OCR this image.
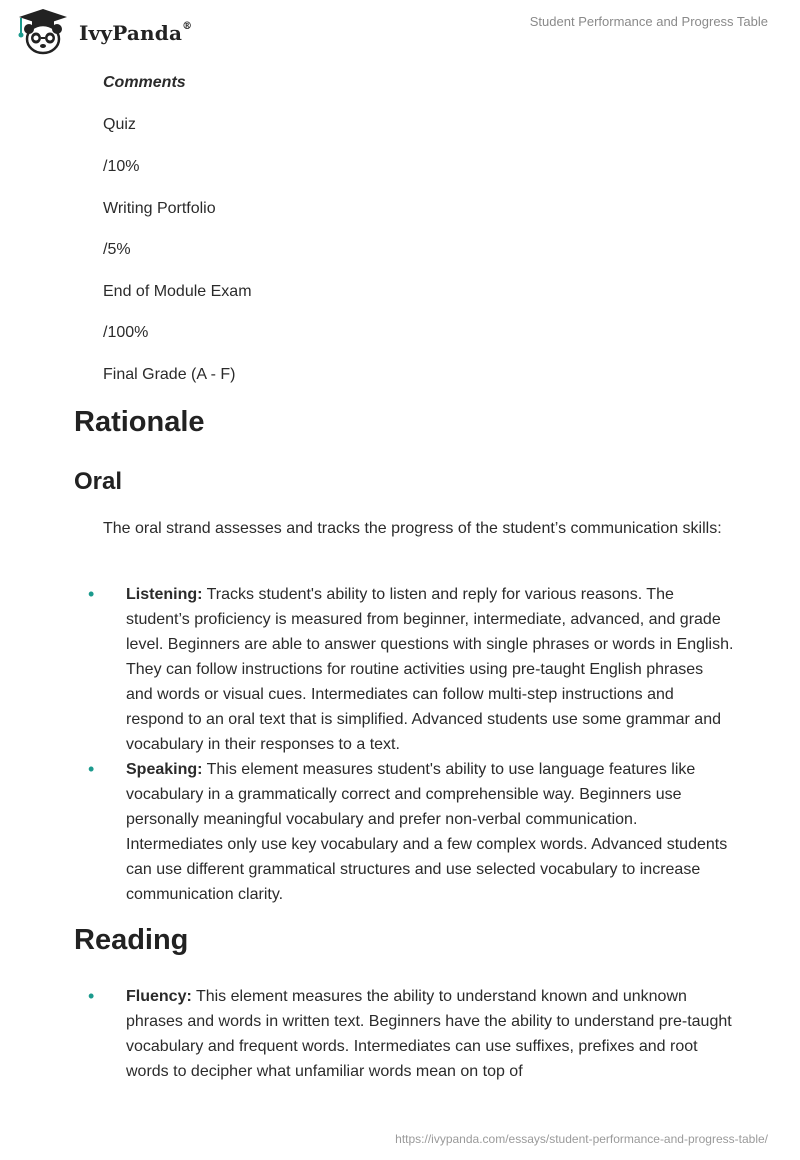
IvyPanda®	Student Performance and Progress Table
Comments
Quiz
/10%
Writing Portfolio
/5%
End of Module Exam
/100%
Final Grade (A - F)
Rationale
Oral

The oral strand assesses and tracks the progress of the student’s communication skills:

• Listening: Tracks student's ability to listen and reply for various reasons. The student’s proficiency is measured from beginner, intermediate, advanced, and grade level. Beginners are able to answer questions with single phrases or words in English. They can follow instructions for routine activities using pre-taught English phrases and words or visual cues. Intermediates can follow multi-step instructions and respond to an oral text that is simplified. Advanced students use some grammar and vocabulary in their responses to a text.
• Speaking: This element measures student's ability to use language features like vocabulary in a grammatically correct and comprehensible way. Beginners use personally meaningful vocabulary and prefer non-verbal communication. Intermediates only use key vocabulary and a few complex words. Advanced students can use different grammatical structures and use selected vocabulary to increase communication clarity.
Reading
• Fluency: This element measures the ability to understand known and unknown phrases and words in written text. Beginners have the ability to understand pre-taught vocabulary and frequent words. Intermediates can use suffixes, prefixes and root words to decipher what unfamiliar words mean on top of
https://ivypanda.com/essays/student-performance-and-progress-table/
